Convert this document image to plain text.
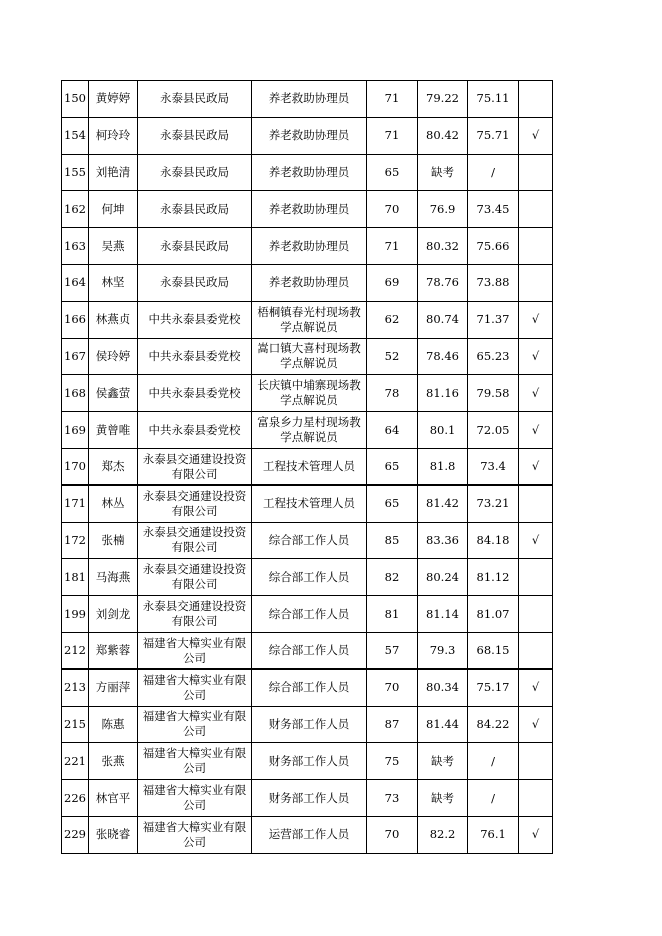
150	黄婷婷	永泰县民政局	养老救助协理员	71	79.22	75.11	
154	柯玲玲	永泰县民政局	养老救助协理员	71	80.42	75.71	√
155	刘艳清	永泰县民政局	养老救助协理员	65	缺考	/	
162	何坤	永泰县民政局	养老救助协理员	70	76.9	73.45	
163	吴燕	永泰县民政局	养老救助协理员	71	80.32	75.66	
164	林坚	永泰县民政局	养老救助协理员	69	78.76	73.88	
166	林燕贞	中共永泰县委党校	梧桐镇春光村现场教学点解说员	62	80.74	71.37	√
167	侯玲婷	中共永泰县委党校	嵩口镇大喜村现场教学点解说员	52	78.46	65.23	√
168	侯鑫萤	中共永泰县委党校	长庆镇中埔寨现场教学点解说员	78	81.16	79.58	√
169	黄曾唯	中共永泰县委党校	富泉乡力星村现场教学点解说员	64	80.1	72.05	√
170	郑杰	永泰县交通建设投资有限公司	工程技术管理人员	65	81.8	73.4	√
171	林丛	永泰县交通建设投资有限公司	工程技术管理人员	65	81.42	73.21	
172	张楠	永泰县交通建设投资有限公司	综合部工作人员	85	83.36	84.18	√
181	马海燕	永泰县交通建设投资有限公司	综合部工作人员	82	80.24	81.12	
199	刘剑龙	永泰县交通建设投资有限公司	综合部工作人员	81	81.14	81.07	
212	郑紫蓉	福建省大樟实业有限公司	综合部工作人员	57	79.3	68.15	
213	方丽萍	福建省大樟实业有限公司	综合部工作人员	70	80.34	75.17	√
215	陈惠	福建省大樟实业有限公司	财务部工作人员	87	81.44	84.22	√
221	张燕	福建省大樟实业有限公司	财务部工作人员	75	缺考	/	
226	林官平	福建省大樟实业有限公司	财务部工作人员	73	缺考	/	
229	张晓睿	福建省大樟实业有限公司	运营部工作人员	70	82.2	76.1	√
